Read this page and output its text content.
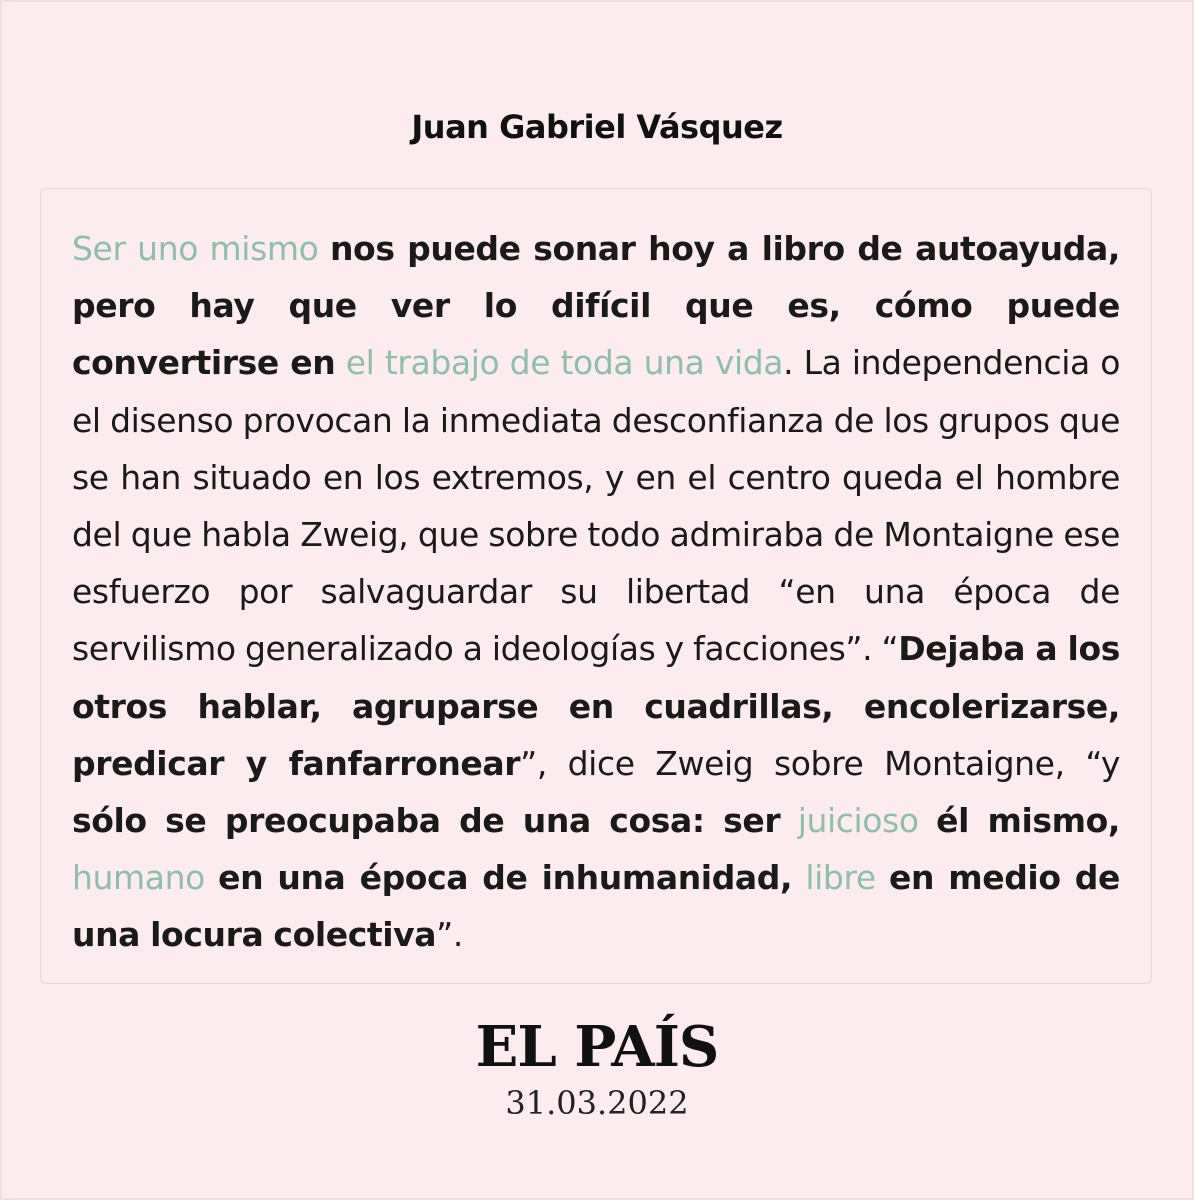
Juan Gabriel Vásquez

Ser uno mismo nos puede sonar hoy a libro de autoayuda, pero hay que ver lo difícil que es, cómo puede convertirse en el trabajo de toda una vida. La independencia o el disenso provocan la inmediata desconfianza de los grupos que se han situado en los extremos, y en el centro queda el hombre del que habla Zweig, que sobre todo admiraba de Montaigne ese esfuerzo por salvaguardar su libertad “en una época de servilismo generalizado a ideologías y facciones”. “Dejaba a los otros hablar, agruparse en cuadrillas, encolerizarse, predicar y fanfarronear”, dice Zweig sobre Montaigne, “y sólo se preocupaba de una cosa: ser juicioso él mismo, humano en una época de inhumanidad, libre en medio de una locura colectiva”.

EL PAÍS
31.03.2022
